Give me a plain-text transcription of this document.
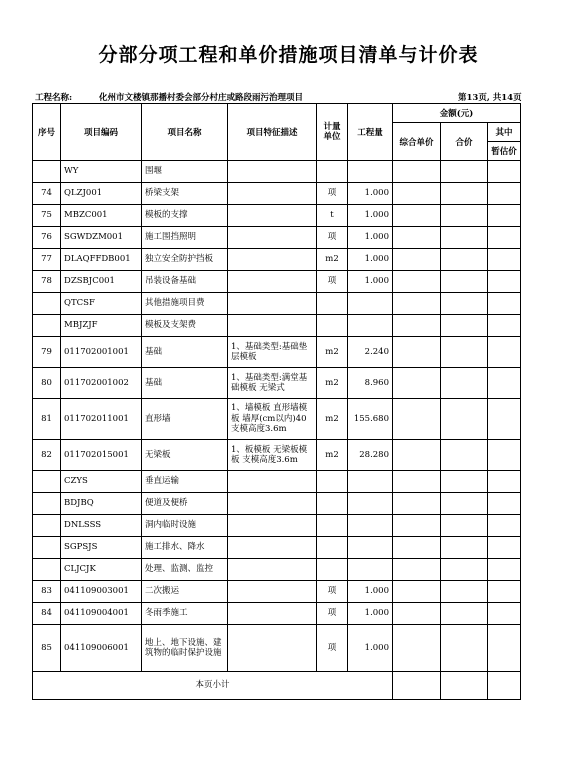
分部分项工程和单价措施项目清单与计价表
工程名称:	化州市文楼镇那播村委会部分村庄或路段雨污治理项目	第13页, 共14页
序号	项目编码	项目名称	项目特征描述	计量单位	工程量	金额(元)		
						综合单价	合价	其中
								暂估价
	WY	围堰						
74	QLZJ001	桥梁支架		项	1.000			
75	MBZC001	模板的支撑		t	1.000			
76	SGWDZM001	施工围挡照明		项	1.000			
77	DLAQFFDB001	独立安全防护挡板		m2	1.000			
78	DZSBJC001	吊装设备基础		项	1.000			
	QTCSF	其他措施项目费						
	MBJZJF	模板及支架费						
79	011702001001	基础	1、基础类型:基础垫层模板	m2	2.240			
80	011702001002	基础	1、基础类型:满堂基础模板 无梁式	m2	8.960			
81	011702011001	直形墙	1、墙模板 直形墙模板 墙厚(cm以内)40 支模高度3.6m	m2	155.680			
82	011702015001	无梁板	1、板模板 无梁板模板 支模高度3.6m	m2	28.280			
	CZYS	垂直运输						
	BDJBQ	便道及便桥						
	DNLSSS	洞内临时设施						
	SGPSJS	施工排水、降水						
	CLJCJK	处理、监测、监控						
83	041109003001	二次搬运		项	1.000			
84	041109004001	冬雨季施工		项	1.000			
85	041109006001	地上、地下设施、建筑物的临时保护设施		项	1.000			
本页小计								
